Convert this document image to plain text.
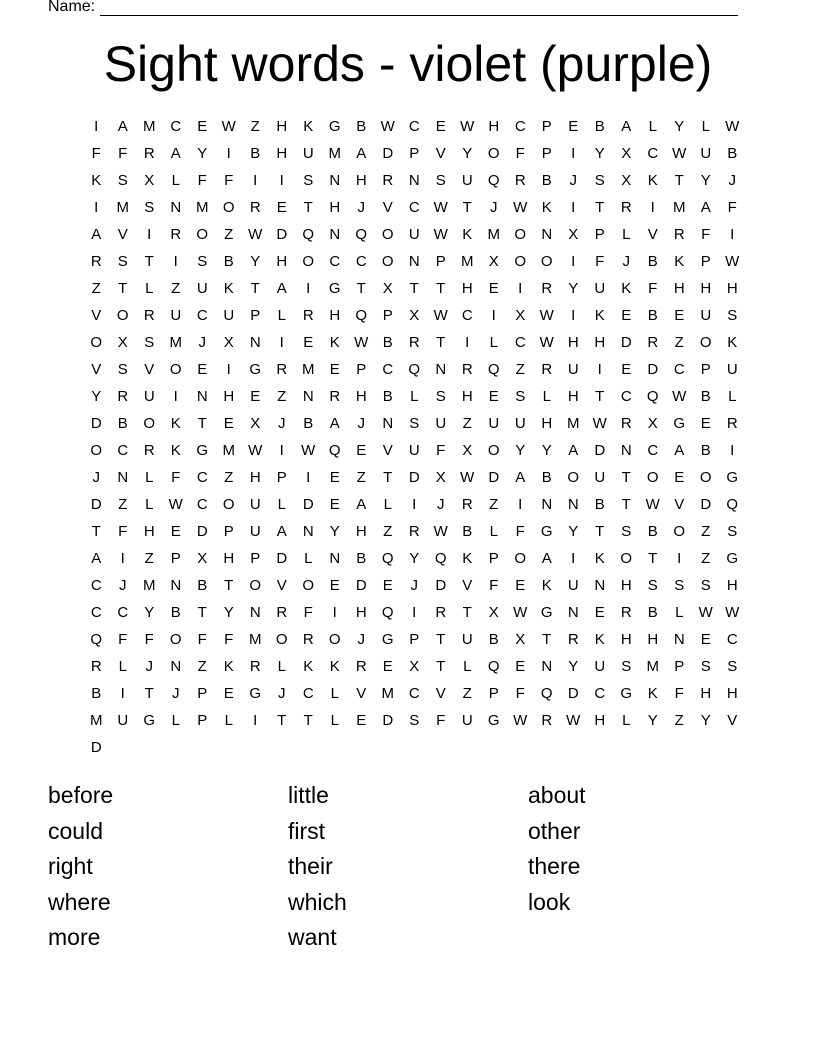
Name:
Sight words - violet (purple)
I	A	M C	E W Z	H	K	G	B W C	E W H	C	P	E	B	A	L	Y	L	W
F	F	R	A	Y	I	B	H	U M	A	D	P	V	Y	O	F	P	I	Y	X	C W U	B
K	S	X	L	F	F	I	I	S	N	H	R	N	S	U	Q	R	B	J	S	X	K	T	Y	J
I	M	S	N M O	R	E	T	H	J	V	C W T	J	W K	I	T	R	I	M	A	F
A	V	I	R	O	Z W D	Q	N	Q O	U W K	M O	N	X	P	L	V	R	F	I
R	S	T	I	S	B	Y	H	O	C	C	O	N	P	M	X	O O	I	F	J	B	K	P W
Z	T	L	Z	U	K	T	A	I	G	T	X	T	T	H	E	I	R	Y	U	K	F	H	H	H
V	O	R	U	C	U	P	L	R	H	Q	P	X W C	I	X W	I	K	E	B	E	U	S
O	X	S	M	J	X	N	I	E	K W B	R	T	I	L	C W H	H	D	R	Z	O	K
V	S	V	O	E	I	G	R M	E	P	C	Q	N	R	Q	Z	R	U	I	E	D	C	P	U
Y	R	U	I	N	H	E	Z	N	R	H	B	L	S	H	E	S	L	H	T	C	Q W B	L
D	B	O	K	T	E	X	J	B	A	J	N	S	U	Z	U	U	H M W R	X	G	E	R
O	C	R	K	G M W	I	W Q	E	V	U	F	X	O	Y	Y	A	D	N	C	A	B	I
J	N	L	F	C	Z	H	P	I	E	Z	T	D	X W D	A	B	O	U	T	O	E	O G
D	Z	L	W C	O	U	L	D	E	A	L	I	J	R	Z	I	N	N	B	T W V	D	Q
T	F	H	E	D	P	U	A	N	Y	H	Z	R W B	L	F	G	Y	T	S	B	O	Z	S
A	I	Z	P	X	H	P	D	L	N	B	Q	Y	Q	K	P	O	A	I	K	O	T	I	Z	G
C	J	M N	B	T	O	V	O	E	D	E	J	D	V	F	E	K	U	N	H	S	S	S	H
C	C	Y	B	T	Y	N	R	F	I	H	Q	I	R	T	X W G	N	E	R	B	L	W W
Q	F	F	O	F	F	M O	R	O	J	G	P	T	U	B	X	T	R	K	H	H	N	E	C
R	L	J	N	Z	K	R	L	K	K	R	E	X	T	L	Q	E	N	Y	U	S	M	P	S	S
B	I	T	J	P	E	G	J	C	L	V	M C	V	Z	P	F	Q	D	C	G	K	F	H	H
M U	G	L	P	L	I	T	T	L	E	D	S	F	U	G W R W H	L	Y	Z	Y	V
D
before
could
right
where
more
little
first
their
which
want
about
other
there
look
